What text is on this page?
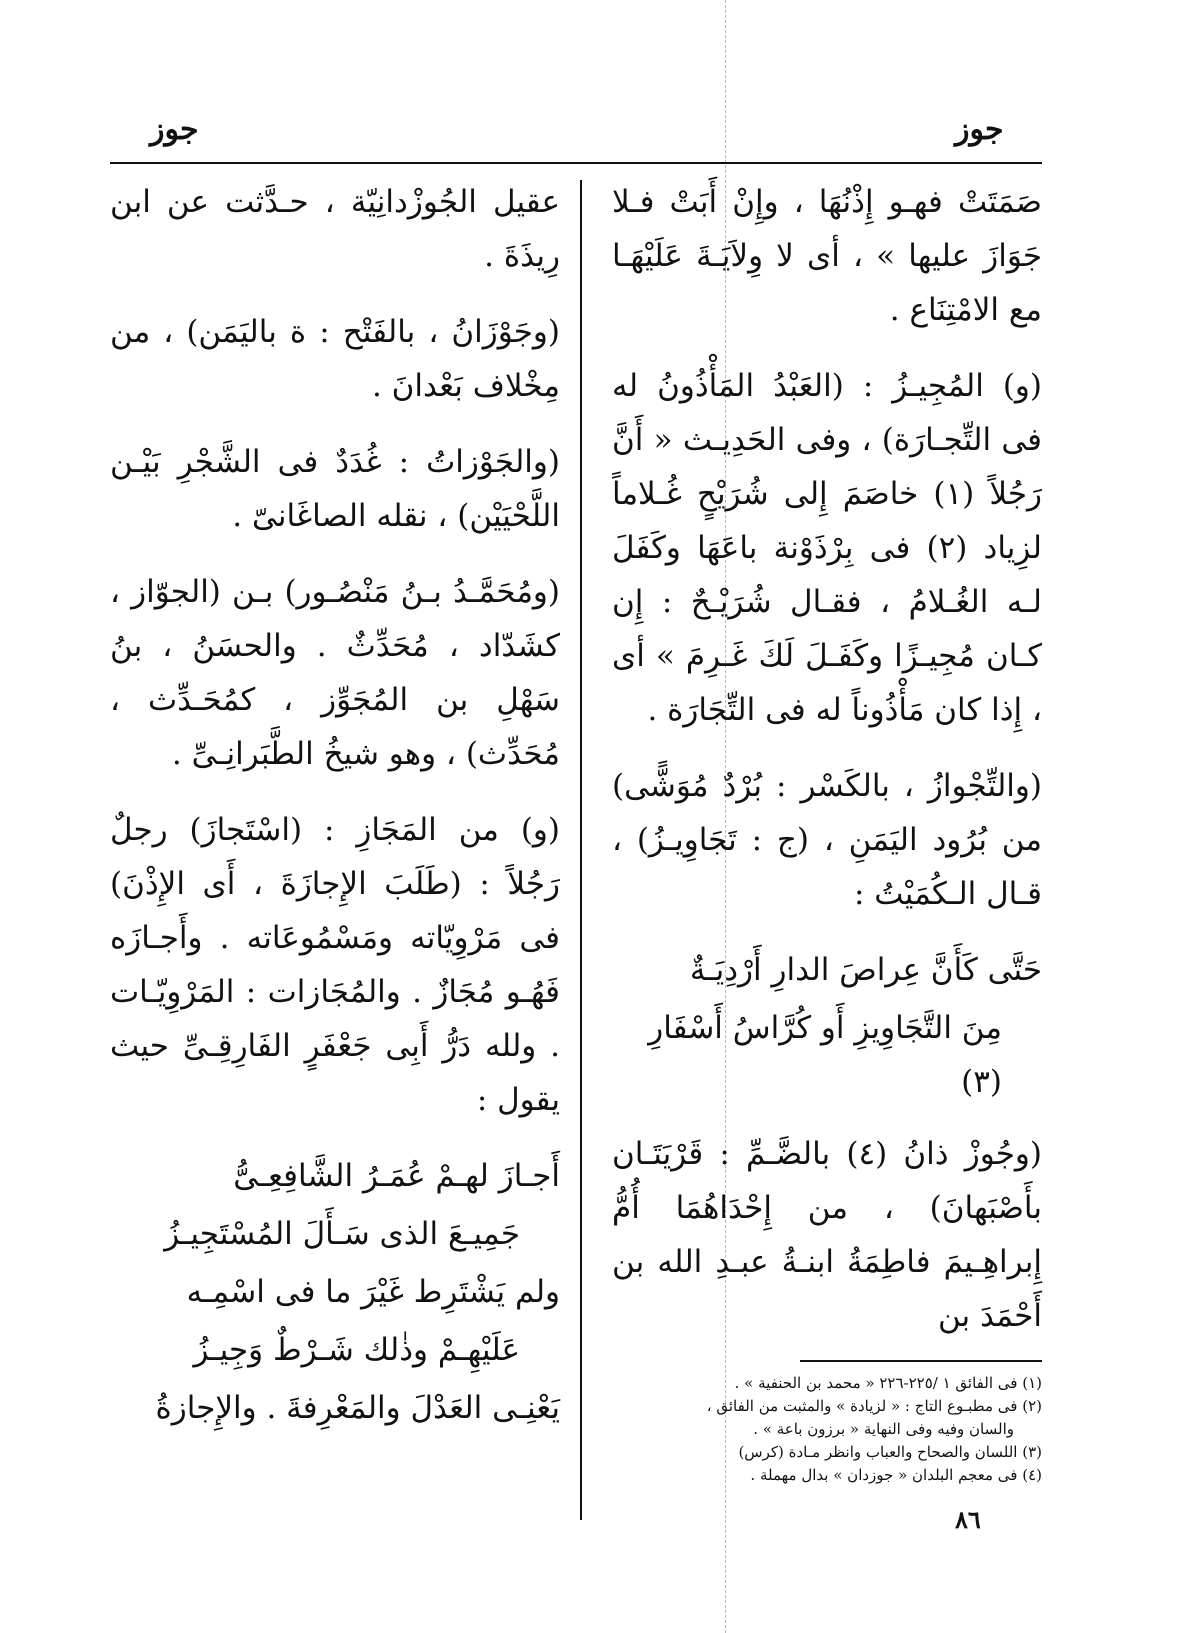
جوز
جوز

صَمَتَتْ فهـو إِذْنُهَا ، وإِنْ أَبَتْ فـلا جَوَازَ عليها » ، أى لا وِلاَيَـةَ عَلَيْهَـا مع الامْتِنَاع .

(و) المُجِيـزُ : (العَبْدُ المَأْذُونُ له فى التِّجـارَة) ، وفى الحَدِيـث « أَنَّ رَجُلاً (١) خاصَمَ إِلى شُرَيْحٍ غُـلاماً لزِياد (٢) فى بِرْذَوْنة باعَهَا وكَفَلَ لـه الغُـلامُ ، فقـال شُرَيْـحٌ : إِن كـان مُجِيـزًا وكَفَـلَ لَكَ غَـرِمَ » أى ، إِذا كان مَأْذُوناً له فى التِّجَارَة .

(والتِّجْوازُ ، بالكَسْر : بُرْدٌ مُوَشًّى) من بُرُود اليَمَنِ ، (ج : تَجَاوِيـزُ) ، قـال الـكُمَيْتُ :

حَتَّى كَأَنَّ عِراصَ الدارِ أَرْدِيَـةٌ

مِنَ التَّجَاوِيزِ أَو كُرَّاسُ أَسْفَارِ (٣)

(وجُوزْ ذانُ (٤) بالضَّـمِّ : قَرْيَتَـان بأَصْبَهانَ) ، من إِحْدَاهُمَا أُمُّ إِبراهِـيمَ فاطِمَةُ ابنـةُ عبـدِ الله بن أَحْمَدَ بن

عقيل الجُوزْدانِيّة ، حـدَّثت عن ابن رِيذَةَ .

(وجَوْزَانُ ، بالفَتْح : ة باليَمَن) ، من مِخْلاف بَعْدانَ .

(والجَوْزاتُ : غُدَدٌ فى الشَّجْرِ بَيْـن اللَّحْيَيْن) ، نقله الصاغَانىّ .

(ومُحَمَّـدُ بـنُ مَنْصُـور) بـن (الجوّاز ، كشَدّاد ، مُحَدِّثٌ . والحسَنُ ، بنُ سَهْلِ بن المُجَوِّز ، كمُحَـدِّث ، مُحَدِّث) ، وهو شيخُ الطَّبَرانِـىِّ .

(و) من المَجَازِ : (اسْتَجازَ) رجلٌ رَجُلاً : (طَلَبَ الإِجازَةَ ، أَى الإِذْنَ) فى مَرْوِيّاته ومَسْمُوعَاته . وأَجـازَه فَهُـو مُجَازٌ . والمُجَازات : المَرْوِيّـات . ولله دَرُّ أَبِى جَعْفَرٍ الفَارِقِـىِّ حيث يقول :

أَجـازَ لهـمْ عُمَـرُ الشَّافِعِـىُّ

جَمِيـعَ الذى سَـأَلَ المُسْتَجِيـزُ

ولم يَشْتَرِط غَيْرَ ما فى اسْمِـه

عَلَيْهِـمْ وذٰلك شَـرْطٌ وَجِيـزُ

يَعْنِـى العَدْلَ والمَعْرِفةَ . والإِجازةُ

(١) فى الفائق ١ /٢٢٥-٢٢٦ « محمد بن الحنفية » .
(٢) فى مطبـوع التاج : « لزيادة » والمثبت من الفائق ،
والسان وفيه وفى النهاية « برزون باعة » .
(٣) اللسان والصحاح والعباب وانظر مـادة (كرس)
(٤) فى معجم البلدان « جوزدان » بدال مهملة .
٨٦
